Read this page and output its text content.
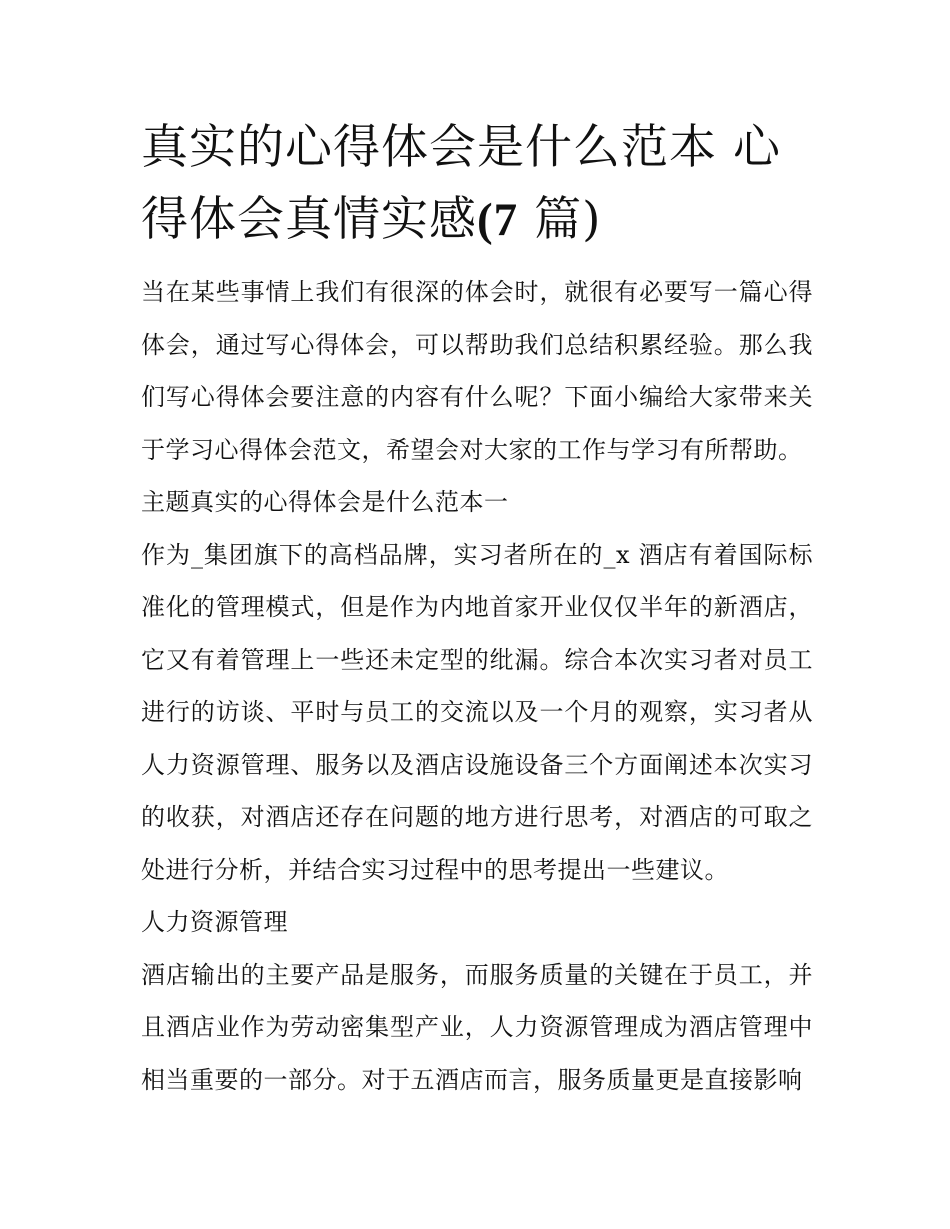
真实的心得体会是什么范本 心得体会真情实感(7 篇)

当在某些事情上我们有很深的体会时，就很有必要写一篇心得体会，通过写心得体会，可以帮助我们总结积累经验。那么我们写心得体会要注意的内容有什么呢？下面小编给大家带来关于学习心得体会范文，希望会对大家的工作与学习有所帮助。

主题真实的心得体会是什么范本一

作为_集团旗下的高档品牌，实习者所在的_x 酒店有着国际标准化的管理模式，但是作为内地首家开业仅仅半年的新酒店，它又有着管理上一些还未定型的纰漏。综合本次实习者对员工进行的访谈、平时与员工的交流以及一个月的观察，实习者从人力资源管理、服务以及酒店设施设备三个方面阐述本次实习的收获，对酒店还存在问题的地方进行思考，对酒店的可取之处进行分析，并结合实习过程中的思考提出一些建议。

人力资源管理

酒店输出的主要产品是服务，而服务质量的关键在于员工，并且酒店业作为劳动密集型产业，人力资源管理成为酒店管理中相当重要的一部分。对于五酒店而言，服务质量更是直接影响
